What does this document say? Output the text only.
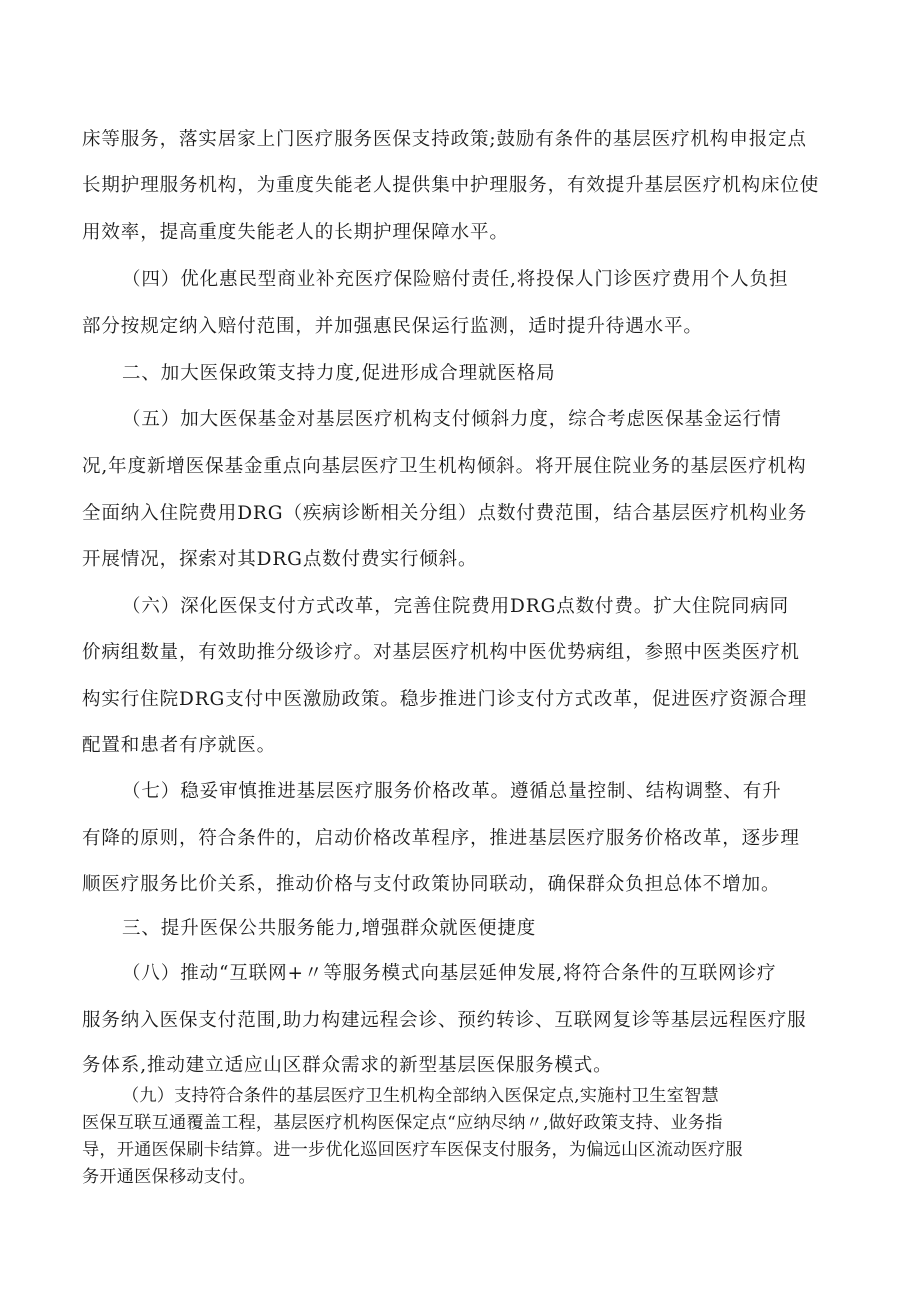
床等服务，落实居家上门医疗服务医保支持政策;鼓励有条件的基层医疗机构申报定点
长期护理服务机构，为重度失能老人提供集中护理服务，有效提升基层医疗机构床位使
用效率，提高重度失能老人的长期护理保障水平。
（四）优化惠民型商业补充医疗保险赔付责任,将投保人门诊医疗费用个人负担
部分按规定纳入赔付范围，并加强惠民保运行监测，适时提升待遇水平。
二、加大医保政策支持力度,促进形成合理就医格局
（五）加大医保基金对基层医疗机构支付倾斜力度，综合考虑医保基金运行情
况,年度新增医保基金重点向基层医疗卫生机构倾斜。将开展住院业务的基层医疗机构
全面纳入住院费用DRG（疾病诊断相关分组）点数付费范围，结合基层医疗机构业务
开展情况，探索对其DRG点数付费实行倾斜。
（六）深化医保支付方式改革，完善住院费用DRG点数付费。扩大住院同病同
价病组数量，有效助推分级诊疗。对基层医疗机构中医优势病组，参照中医类医疗机
构实行住院DRG支付中医激励政策。稳步推进门诊支付方式改革，促进医疗资源合理
配置和患者有序就医。
（七）稳妥审慎推进基层医疗服务价格改革。遵循总量控制、结构调整、有升
有降的原则，符合条件的，启动价格改革程序，推进基层医疗服务价格改革，逐步理
顺医疗服务比价关系，推动价格与支付政策协同联动，确保群众负担总体不增加。
三、提升医保公共服务能力,增强群众就医便捷度
（八）推动“互联网+〃等服务模式向基层延伸发展,将符合条件的互联网诊疗
服务纳入医保支付范围,助力构建远程会诊、预约转诊、互联网复诊等基层远程医疗服
务体系,推动建立适应山区群众需求的新型基层医保服务模式。
（九）支持符合条件的基层医疗卫生机构全部纳入医保定点,实施村卫生室智慧
医保互联互通覆盖工程，基层医疗机构医保定点“应纳尽纳〃,做好政策支持、业务指
导，开通医保刷卡结算。进一步优化巡回医疗车医保支付服务，为偏远山区流动医疗服
务开通医保移动支付。
